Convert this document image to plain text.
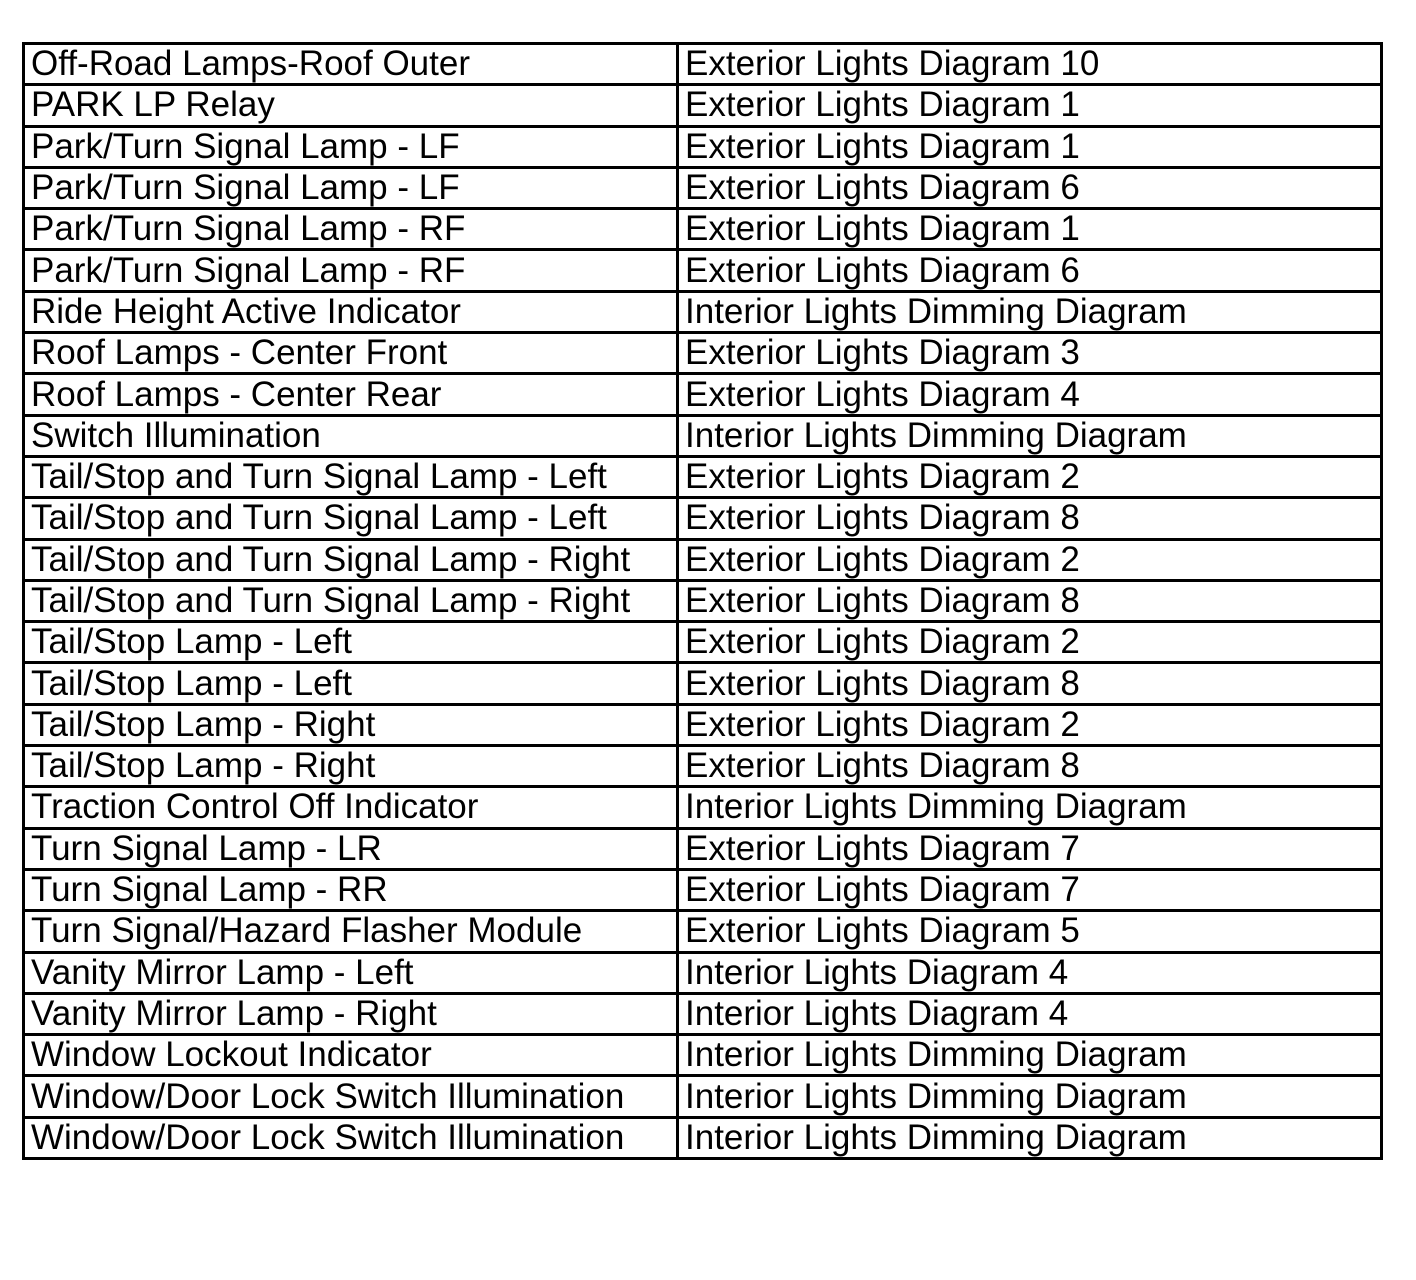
Off-Road Lamps-Roof Outer	Exterior Lights Diagram 10
PARK LP Relay	Exterior Lights Diagram 1
Park/Turn Signal Lamp - LF	Exterior Lights Diagram 1
Park/Turn Signal Lamp - LF	Exterior Lights Diagram 6
Park/Turn Signal Lamp - RF	Exterior Lights Diagram 1
Park/Turn Signal Lamp - RF	Exterior Lights Diagram 6
Ride Height Active Indicator	Interior Lights Dimming Diagram
Roof Lamps - Center Front	Exterior Lights Diagram 3
Roof Lamps - Center Rear	Exterior Lights Diagram 4
Switch Illumination	Interior Lights Dimming Diagram
Tail/Stop and Turn Signal Lamp - Left	Exterior Lights Diagram 2
Tail/Stop and Turn Signal Lamp - Left	Exterior Lights Diagram 8
Tail/Stop and Turn Signal Lamp - Right	Exterior Lights Diagram 2
Tail/Stop and Turn Signal Lamp - Right	Exterior Lights Diagram 8
Tail/Stop Lamp - Left	Exterior Lights Diagram 2
Tail/Stop Lamp - Left	Exterior Lights Diagram 8
Tail/Stop Lamp - Right	Exterior Lights Diagram 2
Tail/Stop Lamp - Right	Exterior Lights Diagram 8
Traction Control Off Indicator	Interior Lights Dimming Diagram
Turn Signal Lamp - LR	Exterior Lights Diagram 7
Turn Signal Lamp - RR	Exterior Lights Diagram 7
Turn Signal/Hazard Flasher Module	Exterior Lights Diagram 5
Vanity Mirror Lamp - Left	Interior Lights Diagram 4
Vanity Mirror Lamp - Right	Interior Lights Diagram 4
Window Lockout Indicator	Interior Lights Dimming Diagram
Window/Door Lock Switch Illumination	Interior Lights Dimming Diagram
Window/Door Lock Switch Illumination	Interior Lights Dimming Diagram
